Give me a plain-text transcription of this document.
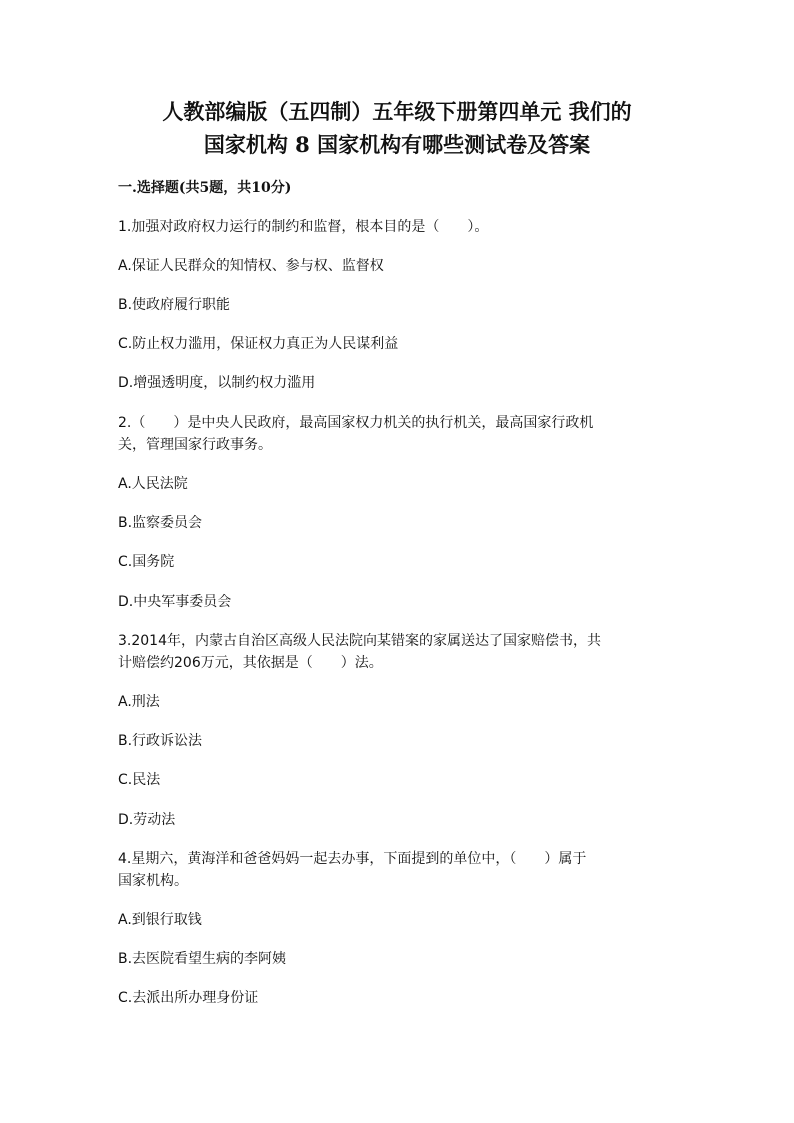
人教部编版（五四制）五年级下册第四单元 我们的
国家机构 8 国家机构有哪些测试卷及答案
一.选择题(共5题，共10分)
1.加强对政府权力运行的制约和监督，根本目的是（　　）。
A.保证人民群众的知情权、参与权、监督权
B.使政府履行职能
C.防止权力滥用，保证权力真正为人民谋利益
D.增强透明度，以制约权力滥用
2.（　　）是中央人民政府，最高国家权力机关的执行机关，最高国家行政机
关，管理国家行政事务。
A.人民法院
B.监察委员会
C.国务院
D.中央军事委员会
3.2014年，内蒙古自治区高级人民法院向某错案的家属送达了国家赔偿书，共
计赔偿约206万元，其依据是（　　）法。
A.刑法
B.行政诉讼法
C.民法
D.劳动法
4.星期六，黄海洋和爸爸妈妈一起去办事，下面提到的单位中，（　　）属于
国家机构。
A.到银行取钱
B.去医院看望生病的李阿姨
C.去派出所办理身份证
